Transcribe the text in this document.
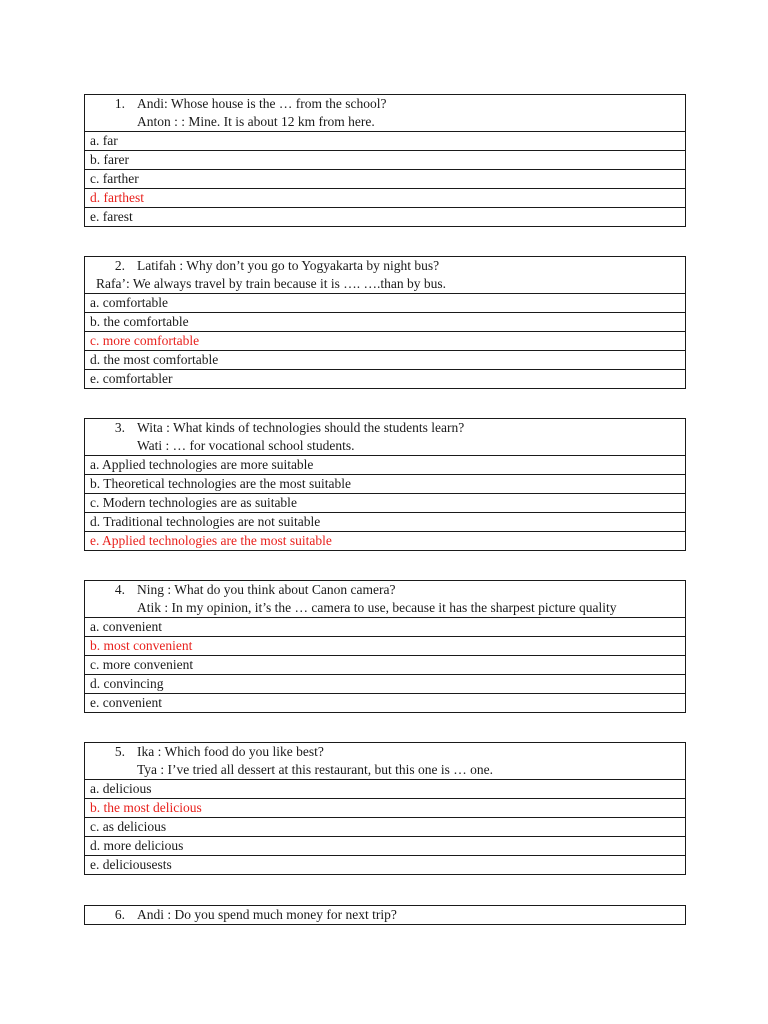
1. Andi: Whose house is the … from the school?
Anton : : Mine. It is about 12 km from here.
a. far
b. farer
c. farther
d. farthest
e. farest
2. Latifah : Why don’t you go to Yogyakarta by night bus?
Rafa’: We always travel by train because it is …. ….than by bus.
a. comfortable
b. the comfortable
c. more comfortable
d. the most comfortable
e. comfortabler
3. Wita : What kinds of technologies should the students learn?
Wati : … for vocational school students.
a. Applied technologies are more suitable
b. Theoretical technologies are the most suitable
c. Modern technologies are as suitable
d. Traditional technologies are not suitable
e. Applied technologies are the most suitable
4. Ning : What do you think about Canon camera?
Atik : In my opinion, it’s the … camera to use, because it has the sharpest picture quality
a. convenient
b. most convenient
c. more convenient
d. convincing
e. convenient
5. Ika : Which food do you like best?
Tya : I’ve tried all dessert at this restaurant, but this one is … one.
a. delicious
b. the most delicious
c. as delicious
d. more delicious
e. deliciousests
6. Andi : Do you spend much money for next trip?
